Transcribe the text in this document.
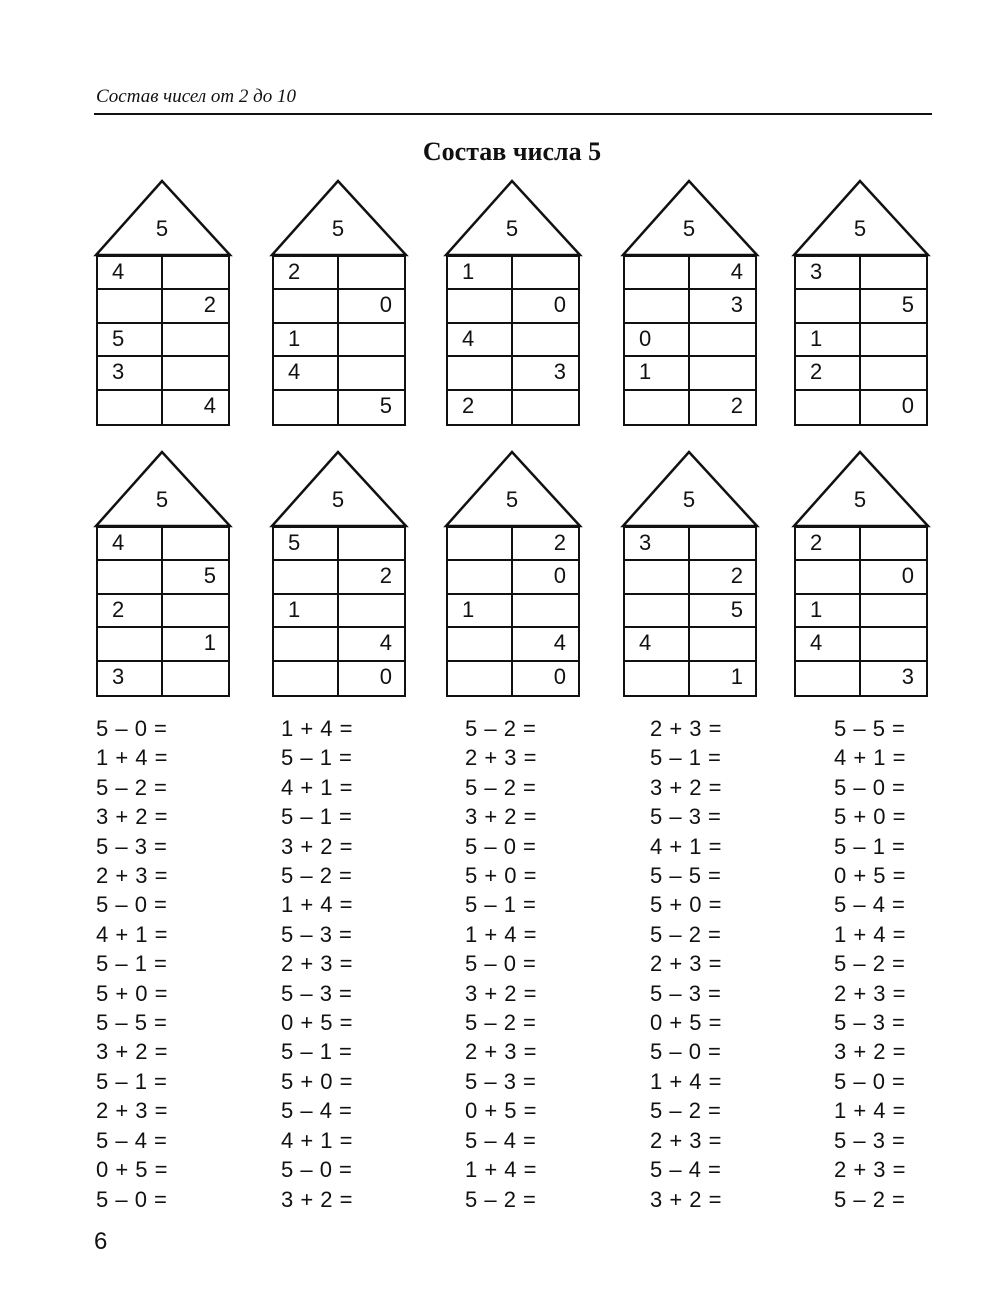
Состав чисел от 2 до 10
Состав числа 5
5
4
2
5
3
4
5
2
0
1
4
5
5
1
0
4
3
2
5
4
3
0
1
2
5
3
5
1
2
0
5
4
5
2
1
3
5
5
2
1
4
0
5
2
0
1
4
0
5
3
2
5
4
1
5
2
0
1
4
3
5 – 0 =
1 + 4 =
5 – 2 =
3 + 2 =
5 – 3 =
2 + 3 =
5 – 0 =
4 + 1 =
5 – 1 =
5 + 0 =
5 – 5 =
3 + 2 =
5 – 1 =
2 + 3 =
5 – 4 =
0 + 5 =
5 – 0 =
1 + 4 =
5 – 1 =
4 + 1 =
5 – 1 =
3 + 2 =
5 – 2 =
1 + 4 =
5 – 3 =
2 + 3 =
5 – 3 =
0 + 5 =
5 – 1 =
5 + 0 =
5 – 4 =
4 + 1 =
5 – 0 =
3 + 2 =
5 – 2 =
2 + 3 =
5 – 2 =
3 + 2 =
5 – 0 =
5 + 0 =
5 – 1 =
1 + 4 =
5 – 0 =
3 + 2 =
5 – 2 =
2 + 3 =
5 – 3 =
0 + 5 =
5 – 4 =
1 + 4 =
5 – 2 =
2 + 3 =
5 – 1 =
3 + 2 =
5 – 3 =
4 + 1 =
5 – 5 =
5 + 0 =
5 – 2 =
2 + 3 =
5 – 3 =
0 + 5 =
5 – 0 =
1 + 4 =
5 – 2 =
2 + 3 =
5 – 4 =
3 + 2 =
5 – 5 =
4 + 1 =
5 – 0 =
5 + 0 =
5 – 1 =
0 + 5 =
5 – 4 =
1 + 4 =
5 – 2 =
2 + 3 =
5 – 3 =
3 + 2 =
5 – 0 =
1 + 4 =
5 – 3 =
2 + 3 =
5 – 2 =
6
